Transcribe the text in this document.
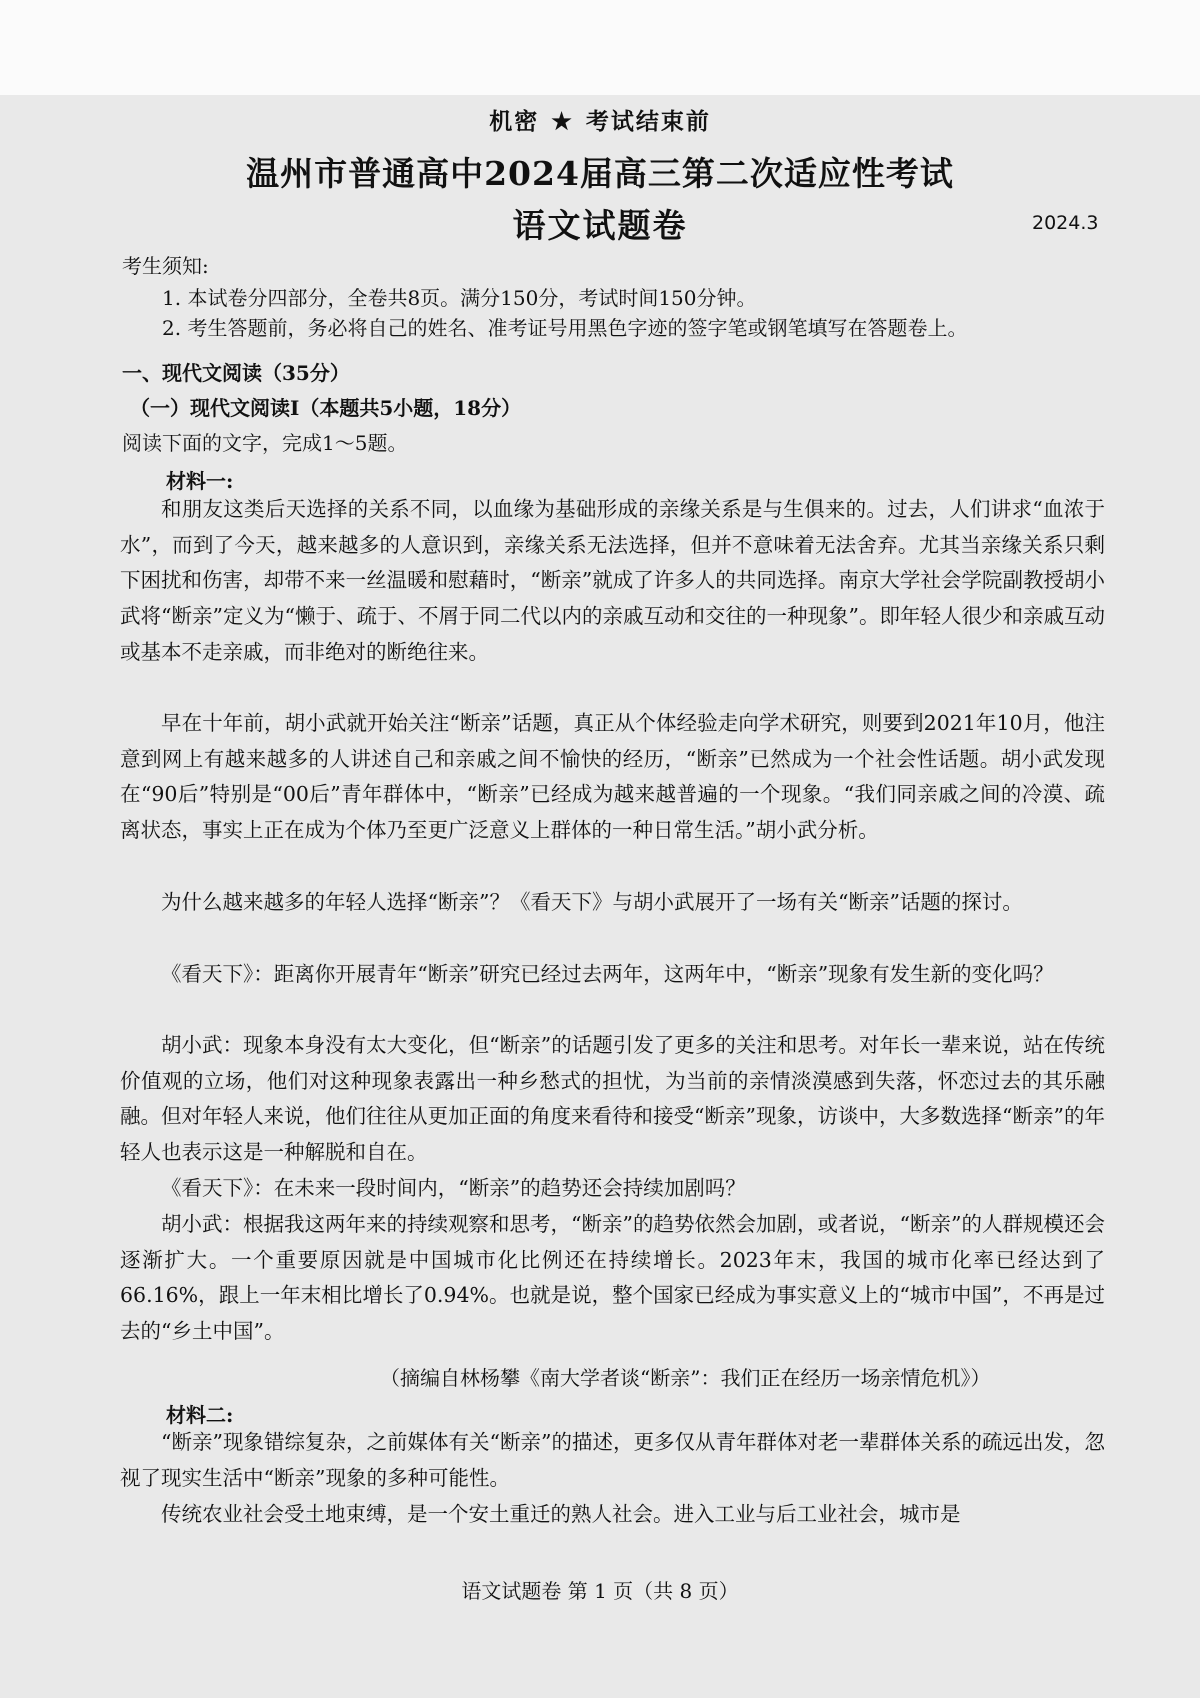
机密 ★ 考试结束前
温州市普通高中2024届高三第二次适应性考试
语文试题卷	2024.3
考生须知:
1. 本试卷分四部分，全卷共8页。满分150分，考试时间150分钟。
2. 考生答题前，务必将自己的姓名、准考证号用黑色字迹的签字笔或钢笔填写在答题卷上。
一、现代文阅读（35分）
（一）现代文阅读Ⅰ（本题共5小题，18分）
阅读下面的文字，完成1～5题。
材料一:
和朋友这类后天选择的关系不同，以血缘为基础形成的亲缘关系是与生俱来的。过去，人们讲求“血浓于水”，而到了今天，越来越多的人意识到，亲缘关系无法选择，但并不意味着无法舍弃。尤其当亲缘关系只剩下困扰和伤害，却带不来一丝温暖和慰藉时，“断亲”就成了许多人的共同选择。南京大学社会学院副教授胡小武将“断亲”定义为“懒于、疏于、不屑于同二代以内的亲戚互动和交往的一种现象”。即年轻人很少和亲戚互动或基本不走亲戚，而非绝对的断绝往来。
早在十年前，胡小武就开始关注“断亲”话题，真正从个体经验走向学术研究，则要到2021年10月，他注意到网上有越来越多的人讲述自己和亲戚之间不愉快的经历，“断亲”已然成为一个社会性话题。胡小武发现在“90后”特别是“00后”青年群体中，“断亲”已经成为越来越普遍的一个现象。“我们同亲戚之间的冷漠、疏离状态，事实上正在成为个体乃至更广泛意义上群体的一种日常生活。”胡小武分析。
为什么越来越多的年轻人选择“断亲”？《看天下》与胡小武展开了一场有关“断亲”话题的探讨。
《看天下》：距离你开展青年“断亲”研究已经过去两年，这两年中，“断亲”现象有发生新的变化吗？
胡小武：现象本身没有太大变化，但“断亲”的话题引发了更多的关注和思考。对年长一辈来说，站在传统价值观的立场，他们对这种现象表露出一种乡愁式的担忧，为当前的亲情淡漠感到失落，怀恋过去的其乐融融。但对年轻人来说，他们往往从更加正面的角度来看待和接受“断亲”现象，访谈中，大多数选择“断亲”的年轻人也表示这是一种解脱和自在。
《看天下》：在未来一段时间内，“断亲”的趋势还会持续加剧吗？
胡小武：根据我这两年来的持续观察和思考，“断亲”的趋势依然会加剧，或者说，“断亲”的人群规模还会逐渐扩大。一个重要原因就是中国城市化比例还在持续增长。2023年末，我国的城市化率已经达到了66.16%，跟上一年末相比增长了0.94%。也就是说，整个国家已经成为事实意义上的“城市中国”，不再是过去的“乡土中国”。
（摘编自林杨攀《南大学者谈“断亲”：我们正在经历一场亲情危机》）
材料二:
“断亲”现象错综复杂，之前媒体有关“断亲”的描述，更多仅从青年群体对老一辈群体关系的疏远出发，忽视了现实生活中“断亲”现象的多种可能性。
传统农业社会受土地束缚，是一个安土重迁的熟人社会。进入工业与后工业社会，城市是
语文试题卷 第 1 页（共 8 页）
